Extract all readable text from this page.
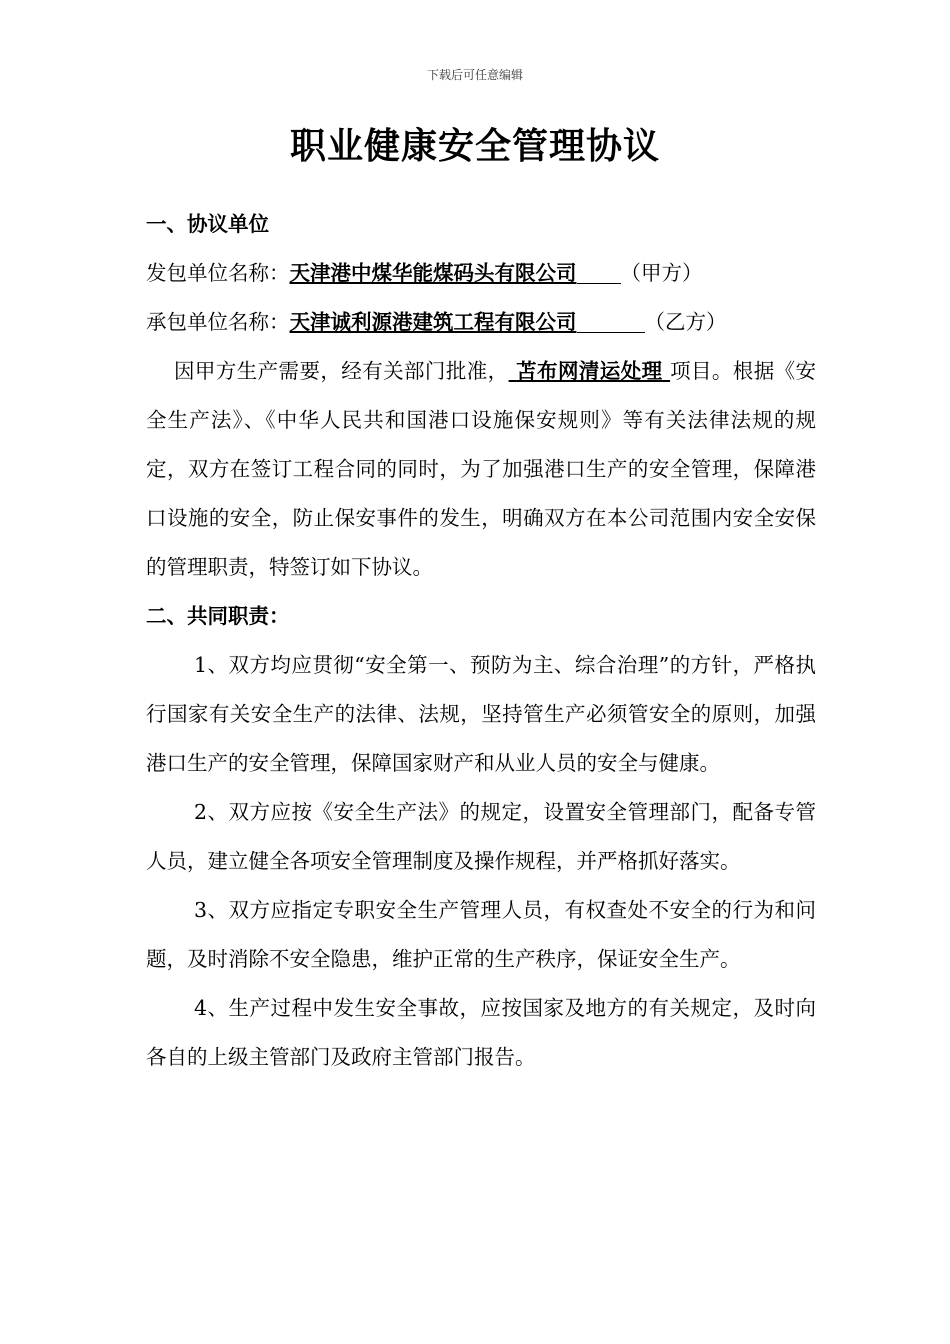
下载后可任意编辑
职业健康安全管理协议
一、协议单位
发包单位名称：天津港中煤华能煤码头有限公司 （甲方）
承包单位名称：天津诚利源港建筑工程有限公司	（乙方）
因甲方生产需要，经有关部门批准， 苫布网清运处理 项目。根据《安全生产法》、《中华人民共和国港口设施保安规则》等有关法律法规的规定，双方在签订工程合同的同时，为了加强港口生产的安全管理，保障港口设施的安全，防止保安事件的发生，明确双方在本公司范围内安全安保的管理职责，特签订如下协议。
二、共同职责：
1、双方均应贯彻“安全第一、预防为主、综合治理”的方针，严格执行国家有关安全生产的法律、法规，坚持管生产必须管安全的原则，加强港口生产的安全管理，保障国家财产和从业人员的安全与健康。
2、双方应按《安全生产法》的规定，设置安全管理部门，配备专管人员，建立健全各项安全管理制度及操作规程，并严格抓好落实。
3、双方应指定专职安全生产管理人员，有权查处不安全的行为和问题，及时消除不安全隐患，维护正常的生产秩序，保证安全生产。
4、生产过程中发生安全事故，应按国家及地方的有关规定，及时向各自的上级主管部门及政府主管部门报告。
